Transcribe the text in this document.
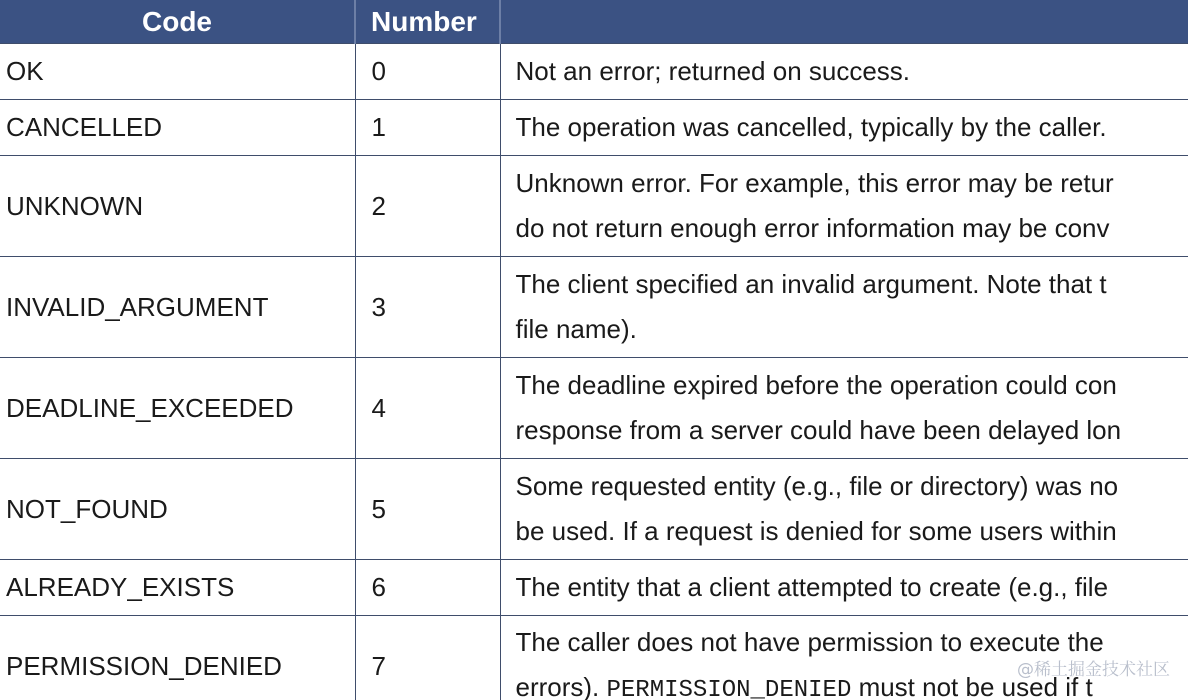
Code	Number	
OK	0	Not an error; returned on success.

CANCELLED	1	The operation was cancelled, typically by the caller.

UNKNOWN	2	Unknown error. For example, this error may be retur
do not return enough error information may be conv

INVALID_ARGUMENT	3	The client specified an invalid argument. Note that t
file name).

DEADLINE_EXCEEDED	4	The deadline expired before the operation could con
response from a server could have been delayed lon

NOT_FOUND	5	Some requested entity (e.g., file or directory) was no
be used. If a request is denied for some users within

ALREADY_EXISTS	6	The entity that a client attempted to create (e.g., file

PERMISSION_DENIED	7	The caller does not have permission to execute the
errors). PERMISSION_DENIED must not be used if t
@稀土掘金技术社区
